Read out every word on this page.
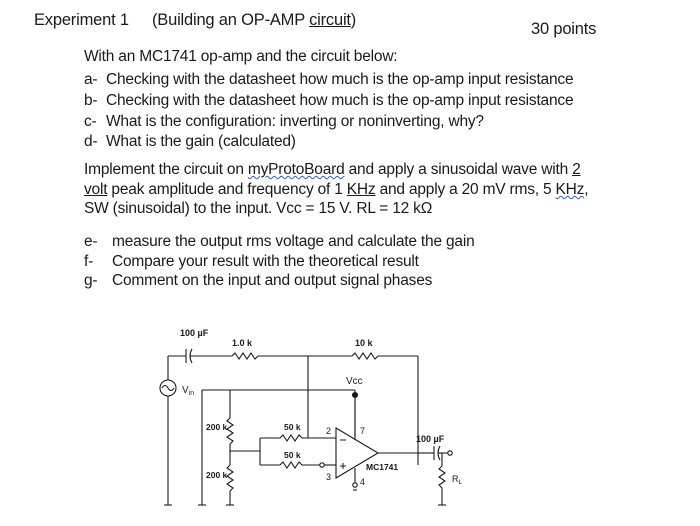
Experiment 1 (Building an OP-AMP circuit)	30 points
With an MC1741 op-amp and the circuit below:
a- Checking with the datasheet how much is the op-amp input resistance
b- Checking with the datasheet how much is the op-amp input resistance
c- What is the configuration: inverting or noninverting, why?
d- What is the gain (calculated)
Implement the circuit on myProtoBoard and apply a sinusoidal wave with 2
volt peak amplitude and frequency of 1 KHz and apply a 20 mV rms, 5 KHz,
SW (sinusoidal) to the input. Vcc = 15 V. RL = 12 kΩ
e- measure the output rms voltage and calculate the gain
f- Compare your result with the theoretical result
g- Comment on the input and output signal phases
100 µF
1.0 k	10 k
Vcc
$V_{in}$
200 k
200 k
50 k
50 k
2
3
7
4
MC1741
100 µF
$R_L$
